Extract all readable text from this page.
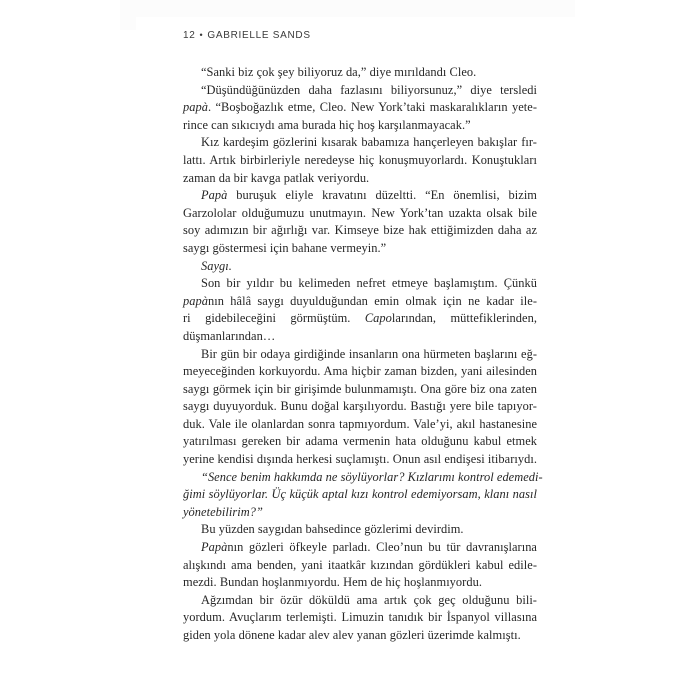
12 • GABRIELLE SANDS
“Sanki biz çok şey biliyoruz da,” diye mırıldandı Cleo.
“Düşündüğünüzden daha fazlasını biliyorsunuz,” diye tersledi
papà. “Boşboğazlık etme, Cleo. New York’taki maskaralıkların yete-
rince can sıkıcıydı ama burada hiç hoş karşılanmayacak.”
Kız kardeşim gözlerini kısarak babamıza hançerleyen bakışlar fır-
lattı. Artık birbirleriyle neredeyse hiç konuşmuyorlardı. Konuştukları
zaman da bir kavga patlak veriyordu.
Papà buruşuk eliyle kravatını düzeltti. “En önemlisi, bizim
Garzololar olduğumuzu unutmayın. New York’tan uzakta olsak bile
soy adımızın bir ağırlığı var. Kimseye bize hak ettiğimizden daha az
saygı göstermesi için bahane vermeyin.”
Saygı.
Son bir yıldır bu kelimeden nefret etmeye başlamıştım. Çünkü
papànın hâlâ saygı duyulduğundan emin olmak için ne kadar ile-
ri gidebileceğini görmüştüm. Capolarından, müttefiklerinden,
düşmanlarından…
Bir gün bir odaya girdiğinde insanların ona hürmeten başlarını eğ-
meyeceğinden korkuyordu. Ama hiçbir zaman bizden, yani ailesinden
saygı görmek için bir girişimde bulunmamıştı. Ona göre biz ona zaten
saygı duyuyorduk. Bunu doğal karşılıyordu. Bastığı yere bile tapıyor-
duk. Vale ile olanlardan sonra tapmıyordum. Vale’yi, akıl hastanesine
yatırılması gereken bir adama vermenin hata olduğunu kabul etmek
yerine kendisi dışında herkesi suçlamıştı. Onun asıl endişesi itibarıydı.
“Sence benim hakkımda ne söylüyorlar? Kızlarımı kontrol edemedi-
ğimi söylüyorlar. Üç küçük aptal kızı kontrol edemiyorsam, klanı nasıl
yönetebilirim?”
Bu yüzden saygıdan bahsedince gözlerimi devirdim.
Papànın gözleri öfkeyle parladı. Cleo’nun bu tür davranışlarına
alışkındı ama benden, yani itaatkâr kızından gördükleri kabul edile-
mezdi. Bundan hoşlanmıyordu. Hem de hiç hoşlanmıyordu.
Ağzımdan bir özür döküldü ama artık çok geç olduğunu bili-
yordum. Avuçlarım terlemişti. Limuzin tanıdık bir İspanyol villasına
giden yola dönene kadar alev alev yanan gözleri üzerimde kalmıştı.
